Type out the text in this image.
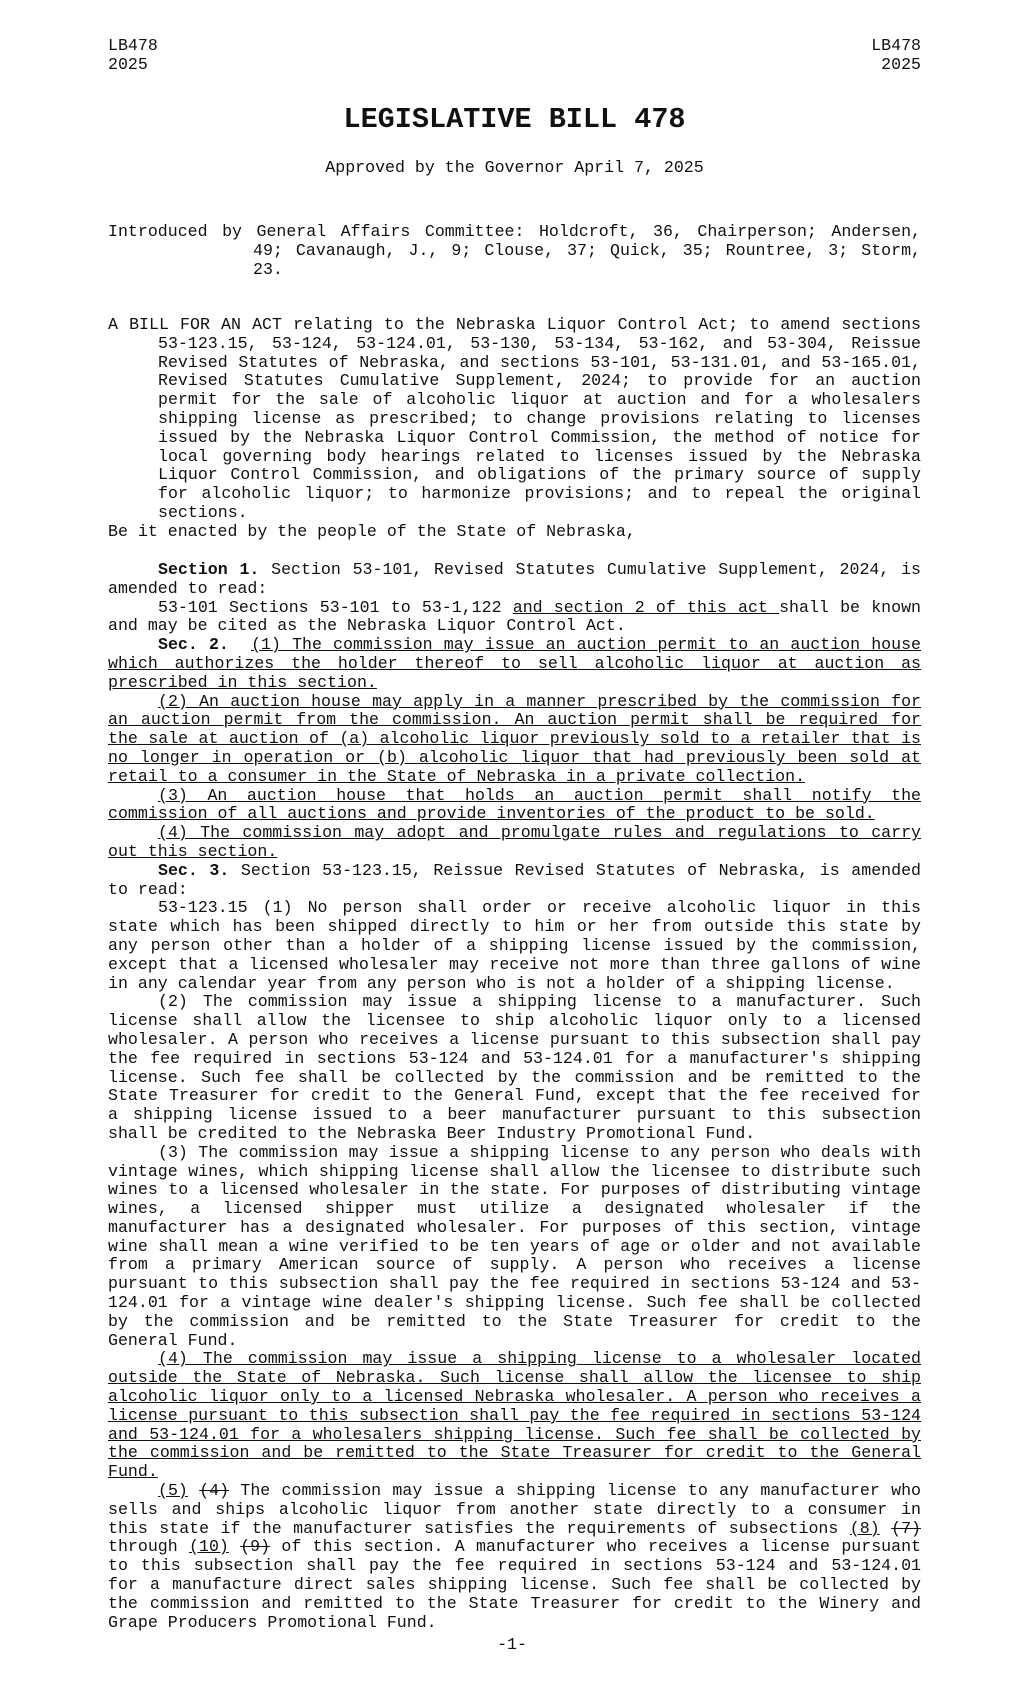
LB478
2025
LB478
2025
LEGISLATIVE BILL 478
Approved by the Governor April 7, 2025
Introduced by General Affairs Committee: Holdcroft, 36, Chairperson; Andersen, 49; Cavanaugh, J., 9; Clouse, 37; Quick, 35; Rountree, 3; Storm, 23.
A BILL FOR AN ACT relating to the Nebraska Liquor Control Act; to amend sections 53-123.15, 53-124, 53-124.01, 53-130, 53-134, 53-162, and 53-304, Reissue Revised Statutes of Nebraska, and sections 53-101, 53-131.01, and 53-165.01, Revised Statutes Cumulative Supplement, 2024; to provide for an auction permit for the sale of alcoholic liquor at auction and for a wholesalers shipping license as prescribed; to change provisions relating to licenses issued by the Nebraska Liquor Control Commission, the method of notice for local governing body hearings related to licenses issued by the Nebraska Liquor Control Commission, and obligations of the primary source of supply for alcoholic liquor; to harmonize provisions; and to repeal the original sections.
Be it enacted by the people of the State of Nebraska,

Section 1. Section 53-101, Revised Statutes Cumulative Supplement, 2024, is amended to read:

53-101 Sections 53-101 to 53-1,122 and section 2 of this act shall be known and may be cited as the Nebraska Liquor Control Act.

Sec. 2. (1) The commission may issue an auction permit to an auction house which authorizes the holder thereof to sell alcoholic liquor at auction as prescribed in this section.

(2) An auction house may apply in a manner prescribed by the commission for an auction permit from the commission. An auction permit shall be required for the sale at auction of (a) alcoholic liquor previously sold to a retailer that is no longer in operation or (b) alcoholic liquor that had previously been sold at retail to a consumer in the State of Nebraska in a private collection.

(3) An auction house that holds an auction permit shall notify the commission of all auctions and provide inventories of the product to be sold.

(4) The commission may adopt and promulgate rules and regulations to carry out this section.

Sec. 3. Section 53-123.15, Reissue Revised Statutes of Nebraska, is amended to read:

53-123.15 (1) No person shall order or receive alcoholic liquor in this state which has been shipped directly to him or her from outside this state by any person other than a holder of a shipping license issued by the commission, except that a licensed wholesaler may receive not more than three gallons of wine in any calendar year from any person who is not a holder of a shipping license.

(2) The commission may issue a shipping license to a manufacturer. Such license shall allow the licensee to ship alcoholic liquor only to a licensed wholesaler. A person who receives a license pursuant to this subsection shall pay the fee required in sections 53-124 and 53-124.01 for a manufacturer's shipping license. Such fee shall be collected by the commission and be remitted to the State Treasurer for credit to the General Fund, except that the fee received for a shipping license issued to a beer manufacturer pursuant to this subsection shall be credited to the Nebraska Beer Industry Promotional Fund.

(3) The commission may issue a shipping license to any person who deals with vintage wines, which shipping license shall allow the licensee to distribute such wines to a licensed wholesaler in the state. For purposes of distributing vintage wines, a licensed shipper must utilize a designated wholesaler if the manufacturer has a designated wholesaler. For purposes of this section, vintage wine shall mean a wine verified to be ten years of age or older and not available from a primary American source of supply. A person who receives a license pursuant to this subsection shall pay the fee required in sections 53-124 and 53-124.01 for a vintage wine dealer's shipping license. Such fee shall be collected by the commission and be remitted to the State Treasurer for credit to the General Fund.

(4) The commission may issue a shipping license to a wholesaler located outside the State of Nebraska. Such license shall allow the licensee to ship alcoholic liquor only to a licensed Nebraska wholesaler. A person who receives a license pursuant to this subsection shall pay the fee required in sections 53-124 and 53-124.01 for a wholesalers shipping license. Such fee shall be collected by the commission and be remitted to the State Treasurer for credit to the General Fund.

(5) (4) The commission may issue a shipping license to any manufacturer who sells and ships alcoholic liquor from another state directly to a consumer in this state if the manufacturer satisfies the requirements of subsections (8) (7) through (10) (9) of this section. A manufacturer who receives a license pursuant to this subsection shall pay the fee required in sections 53-124 and 53-124.01 for a manufacture direct sales shipping license. Such fee shall be collected by the commission and remitted to the State Treasurer for credit to the Winery and Grape Producers Promotional Fund.

-1-
